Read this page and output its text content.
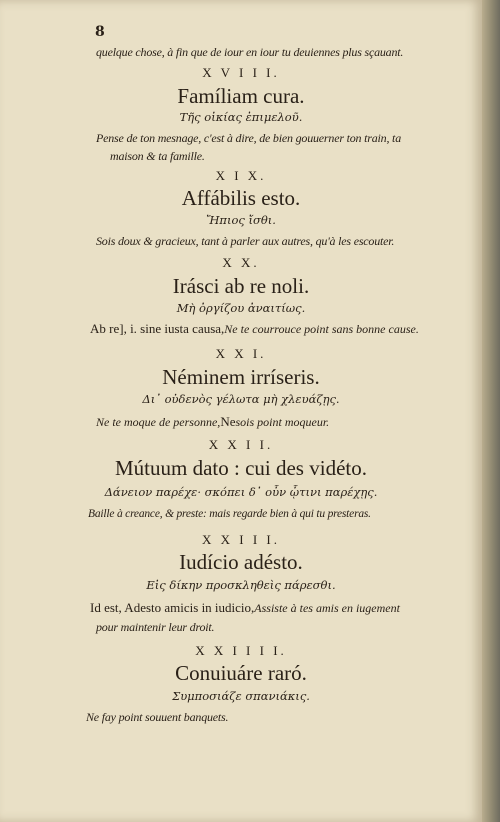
8
quelque chose, à fin que de iour en iour tu deuiennes plus sçauant.
X V I I I.
Famíliam cura.
Τῆς οἰκίας ἐπιμελοῦ.
Pense de ton mesnage, c'est à dire, de bien gouuerner ton train, ta
maison & ta famille.
X I X.
Affábilis esto.
Ἤπιος ἴσθι.
Sois doux & gracieux, tant à parler aux autres, qu'à les escouter.
X X.
Irásci ab re noli.
Μὴ ὀργίζου ἀναιτίως.
Ab re], i. sine iusta causa,Ne te courrouce point sans bonne cause.
X X I.
Néminem irríseris.
Δι᾽ οὐδενὸς γέλωτα μὴ χλευάζῃς.
Ne te moque de personne,Nesois point moqueur.
X X I I.
Mútuum dato : cui des vidéto.
Δάνειον παρέχε· σκόπει δ᾽ οὖν ᾧτινι παρέχῃς.
Baille à creance, & preste: mais regarde bien à qui tu presteras.
X X I I I.
Iudício adésto.
Εἰς δίκην προσκληθεὶς πάρεσθι.
Id est, Adesto amicis in iudicio,Assiste à tes amis en iugement
pour maintenir leur droit.
X X I I I I.
Conuiuáre raró.
Συμποσιάζε σπανιάκις.
Ne fay point souuent banquets.
